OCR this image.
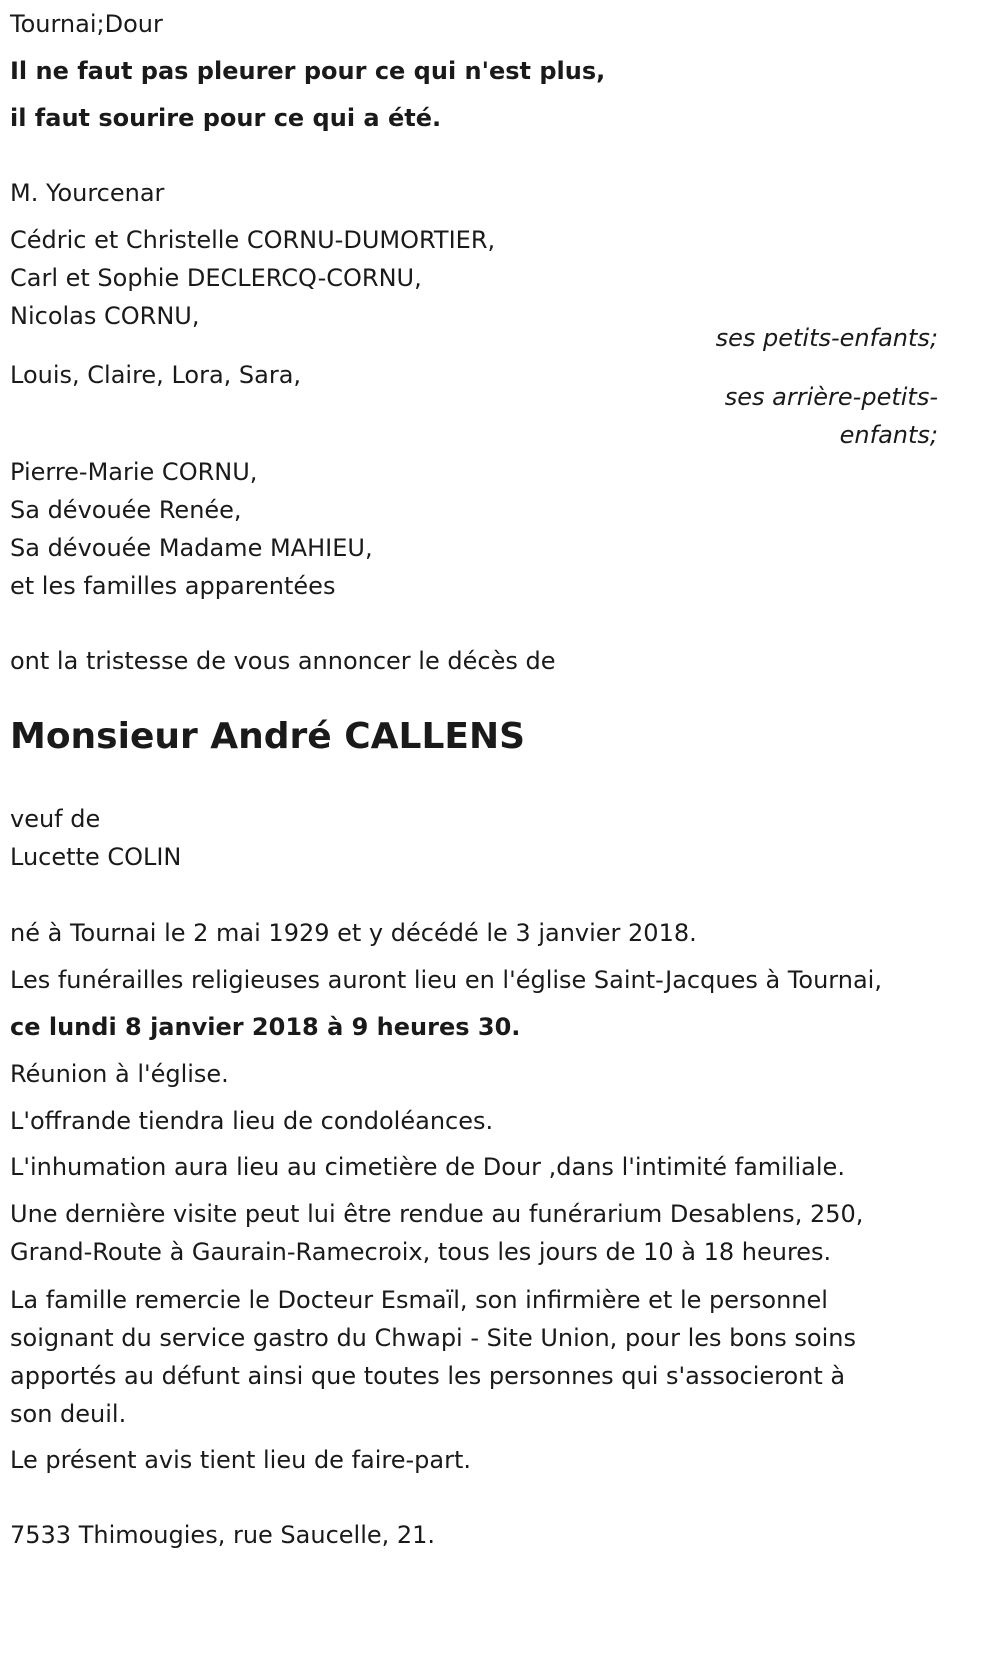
Tournai;Dour
Il ne faut pas pleurer pour ce qui n'est plus,
il faut sourire pour ce qui a été.
M. Yourcenar
Cédric et Christelle CORNU-DUMORTIER,
Carl et Sophie DECLERCQ-CORNU,
Nicolas CORNU,
ses petits-enfants;
Louis, Claire, Lora, Sara,
ses arrière-petits-
enfants;
Pierre-Marie CORNU,
Sa dévouée Renée,
Sa dévouée Madame MAHIEU,
et les familles apparentées
ont la tristesse de vous annoncer le décès de
Monsieur André CALLENS
veuf de
Lucette COLIN
né à Tournai le 2 mai 1929 et y décédé le 3 janvier 2018.
Les funérailles religieuses auront lieu en l'église Saint-Jacques à Tournai,
ce lundi 8 janvier 2018 à 9 heures 30.
Réunion à l'église.
L'offrande tiendra lieu de condoléances.
L'inhumation aura lieu au cimetière de Dour ,dans l'intimité familiale.
Une dernière visite peut lui être rendue au funérarium Desablens, 250,
Grand-Route à Gaurain-Ramecroix, tous les jours de 10 à 18 heures.
La famille remercie le Docteur Esmaïl, son infirmière et le personnel
soignant du service gastro du Chwapi - Site Union, pour les bons soins
apportés au défunt ainsi que toutes les personnes qui s'associeront à
son deuil.
Le présent avis tient lieu de faire-part.
7533 Thimougies, rue Saucelle, 21.
